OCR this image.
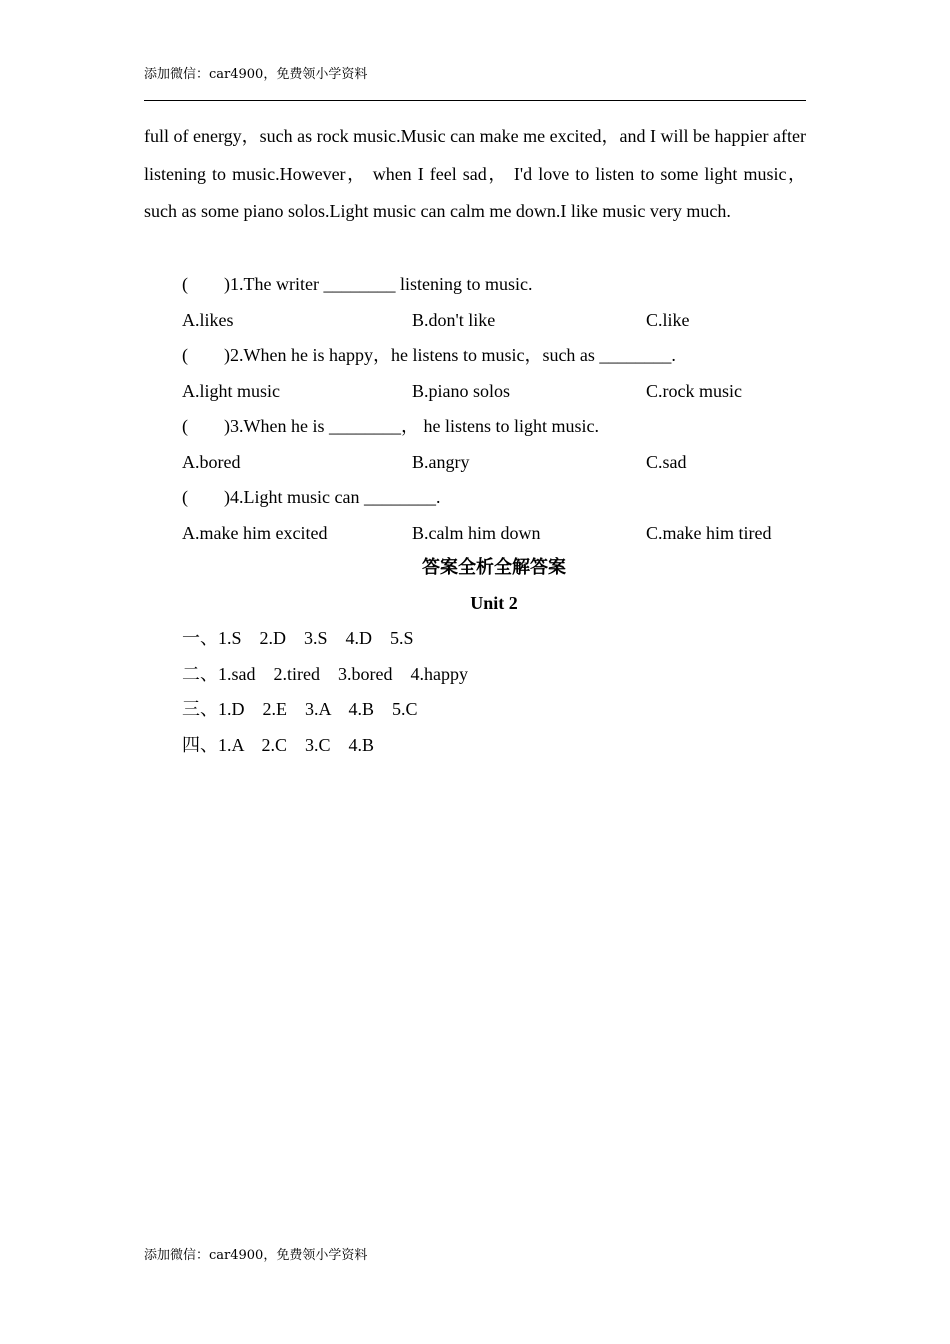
添加微信：car4900，免费领小学资料
full of energy，such as rock music.Music can make me excited，and I will be happier after listening to music.However， when I feel sad， I'd love to listen to some light music， such as some piano solos.Light music can calm me down.I like music very much.
(　　)1.The writer ________ listening to music.
A.likes	B.don't like	C.like
(　　)2.When he is happy，he listens to music，such as ________.
A.light music	B.piano solos	C.rock music
(　　)3.When he is ________， he listens to light music.
A.bored	B.angry	C.sad
(　　)4.Light music can ________.
A.make him excited	B.calm him down	C.make him tired
答案全析全解答案
Unit 2
一、1.S　2.D　3.S　4.D　5.S
二、1.sad　2.tired　3.bored　4.happy
三、1.D　2.E　3.A　4.B　5.C
四、1.A　2.C　3.C　4.B
添加微信：car4900，免费领小学资料
